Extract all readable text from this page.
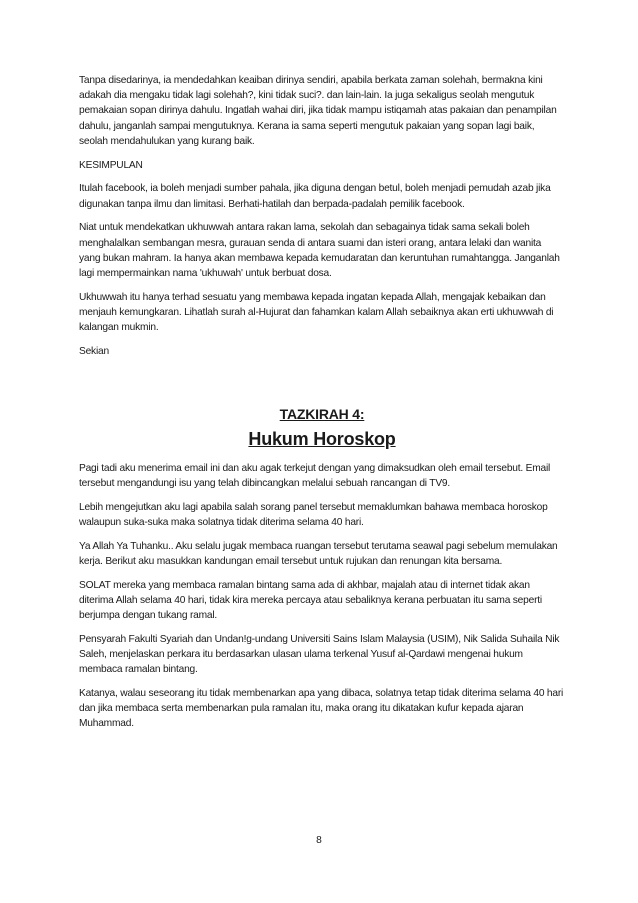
Tanpa disedarinya, ia mendedahkan keaiban dirinya sendiri, apabila berkata zaman solehah, bermakna kini adakah dia mengaku tidak lagi solehah?, kini tidak suci?. dan lain-lain. Ia juga sekaligus seolah mengutuk pemakaian sopan dirinya dahulu. Ingatlah wahai diri, jika tidak mampu istiqamah atas pakaian dan penampilan dahulu, janganlah sampai mengutuknya. Kerana ia sama seperti mengutuk pakaian yang sopan lagi baik, seolah mendahulukan yang kurang baik.

KESIMPULAN

Itulah facebook, ia boleh menjadi sumber pahala, jika diguna dengan betul, boleh menjadi pemudah azab jika digunakan tanpa ilmu dan limitasi. Berhati-hatilah dan berpada-padalah pemilik facebook.

Niat untuk mendekatkan ukhuwwah antara rakan lama, sekolah dan sebagainya tidak sama sekali boleh menghalalkan sembangan mesra, gurauan senda di antara suami dan isteri orang, antara lelaki dan wanita yang bukan mahram. Ia hanya akan membawa kepada kemudaratan dan keruntuhan rumahtangga. Janganlah lagi mempermainkan nama 'ukhuwah' untuk berbuat dosa.

Ukhuwwah itu hanya terhad sesuatu yang membawa kepada ingatan kepada Allah, mengajak kebaikan dan menjauh kemungkaran. Lihatlah surah al-Hujurat dan fahamkan kalam Allah sebaiknya akan erti ukhuwwah di kalangan mukmin.

Sekian

TAZKIRAH 4:
Hukum Horoskop

Pagi tadi aku menerima email ini dan aku agak terkejut dengan yang dimaksudkan oleh email tersebut. Email tersebut mengandungi isu yang telah dibincangkan melalui sebuah rancangan di TV9.

Lebih mengejutkan aku lagi apabila salah sorang panel tersebut memaklumkan bahawa membaca horoskop walaupun suka-suka maka solatnya tidak diterima selama 40 hari.

Ya Allah Ya Tuhanku.. Aku selalu jugak membaca ruangan tersebut terutama seawal pagi sebelum memulakan kerja. Berikut aku masukkan kandungan email tersebut untuk rujukan dan renungan kita bersama.

SOLAT mereka yang membaca ramalan bintang sama ada di akhbar, majalah atau di internet tidak akan diterima Allah selama 40 hari, tidak kira mereka percaya atau sebaliknya kerana perbuatan itu sama seperti berjumpa dengan tukang ramal.

Pensyarah Fakulti Syariah dan Undan!g-undang Universiti Sains Islam Malaysia (USIM), Nik Salida Suhaila Nik Saleh, menjelaskan perkara itu berdasarkan ulasan ulama terkenal Yusuf al-Qardawi mengenai hukum membaca ramalan bintang.

Katanya, walau seseorang itu tidak membenarkan apa yang dibaca, solatnya tetap tidak diterima selama 40 hari dan jika membaca serta membenarkan pula ramalan itu, maka orang itu dikatakan kufur kepada ajaran Muhammad.

8
